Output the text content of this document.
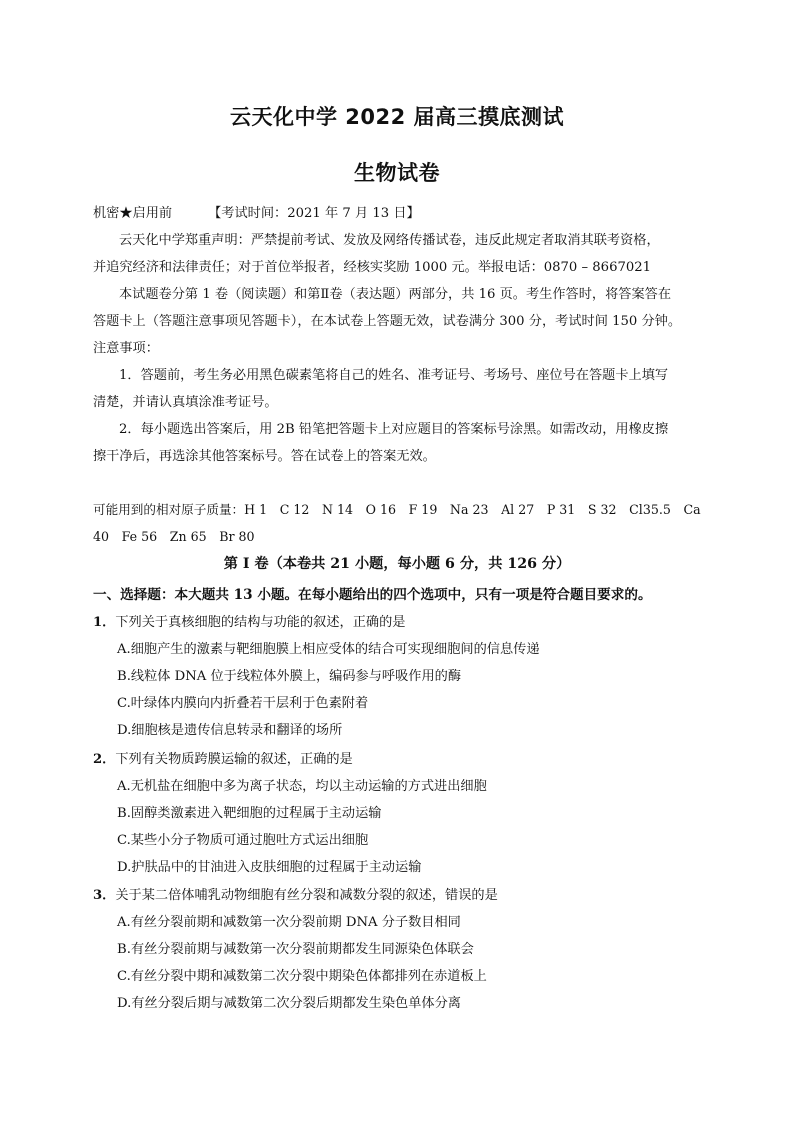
云天化中学 2022 届高三摸底测试
生物试卷
机密★启用前	【考试时间：2021 年 7 月 13 日】
云天化中学郑重声明：严禁提前考试、发放及网络传播试卷，违反此规定者取消其联考资格，
并追究经济和法律责任；对于首位举报者，经核实奖励 1000 元。举报电话：0870 – 8667021
本试题卷分第 1 卷（阅读题）和第Ⅱ卷（表达题）两部分，共 16 页。考生作答时，将答案答在
答题卡上（答题注意事项见答题卡），在本试卷上答题无效，试卷满分 300 分，考试时间 150 分钟。
注意事项：
1．答题前，考生务必用黑色碳素笔将自己的姓名、准考证号、考场号、座位号在答题卡上填写
清楚，并请认真填涂准考证号。
2．每小题选出答案后，用 2B 铅笔把答题卡上对应题目的答案标号涂黑。如需改动，用橡皮擦
擦干净后，再选涂其他答案标号。答在试卷上的答案无效。
可能用到的相对原子质量：H 1　C 12　N 14　O 16　F 19　Na 23　Al 27　P 31　S 32　Cl35.5　Ca
40　Fe 56　Zn 65　Br 80
第 I 卷（本卷共 21 小题，每小题 6 分，共 126 分）
一、选择题：本大题共 13 小题。在每小题给出的四个选项中，只有一项是符合题目要求的。
1．下列关于真核细胞的结构与功能的叙述，正确的是
A.细胞产生的激素与靶细胞膜上相应受体的结合可实现细胞间的信息传递
B.线粒体 DNA 位于线粒体外膜上，编码参与呼吸作用的酶
C.叶绿体内膜向内折叠若干层利于色素附着
D.细胞核是遗传信息转录和翻译的场所
2．下列有关物质跨膜运输的叙述，正确的是
A.无机盐在细胞中多为离子状态，均以主动运输的方式进出细胞
B.固醇类激素进入靶细胞的过程属于主动运输
C.某些小分子物质可通过胞吐方式运出细胞
D.护肤品中的甘油进入皮肤细胞的过程属于主动运输
3．关于某二倍体哺乳动物细胞有丝分裂和减数分裂的叙述，错误的是
A.有丝分裂前期和减数第一次分裂前期 DNA 分子数目相同
B.有丝分裂前期与减数第一次分裂前期都发生同源染色体联会
C.有丝分裂中期和减数第二次分裂中期染色体都排列在赤道板上
D.有丝分裂后期与减数第二次分裂后期都发生染色单体分离
